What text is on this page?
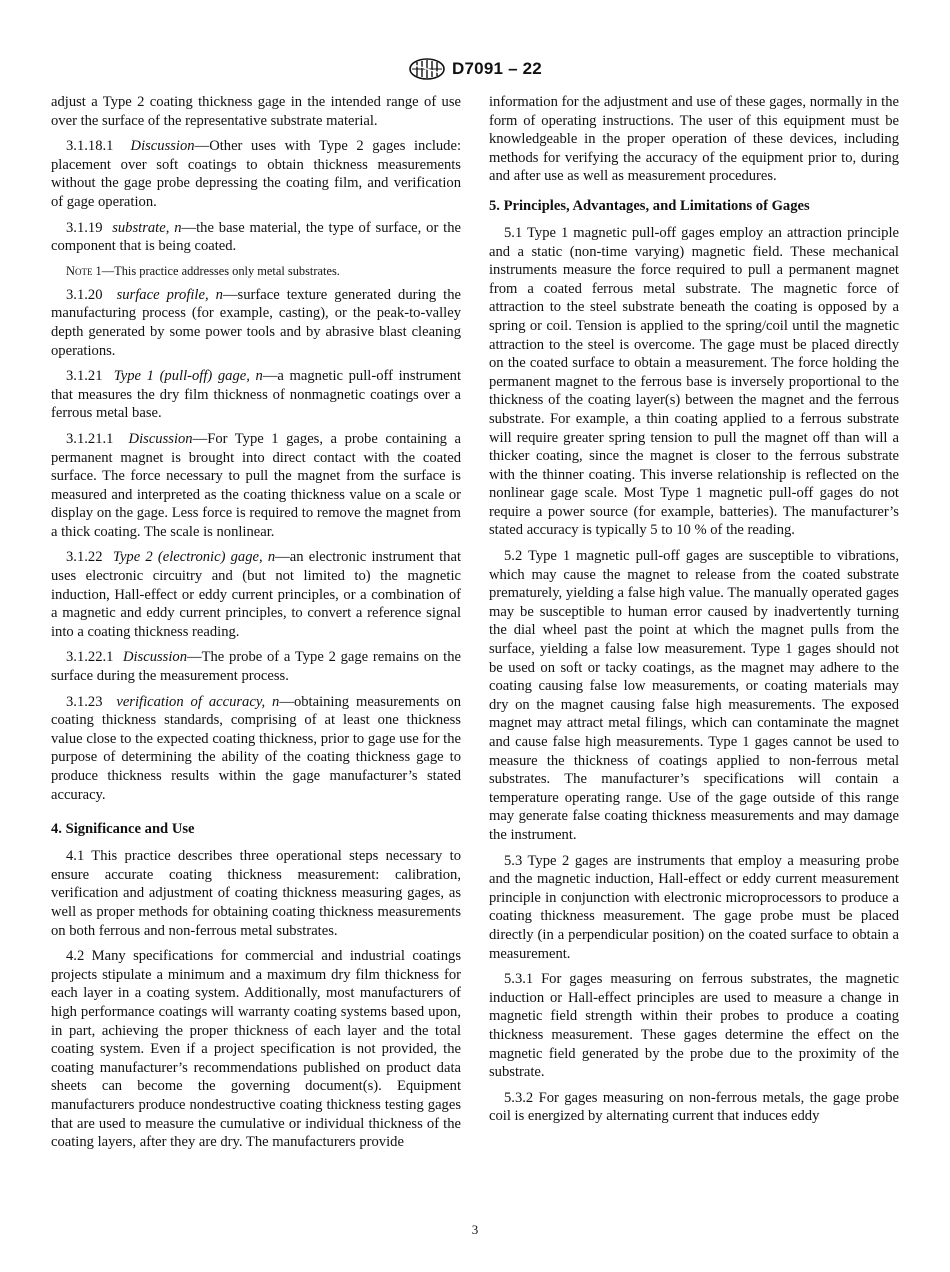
D7091 – 22

adjust a Type 2 coating thickness gage in the intended range of use over the surface of the representative substrate material.

3.1.18.1 Discussion—Other uses with Type 2 gages include: placement over soft coatings to obtain thickness measurements without the gage probe depressing the coating film, and verification of gage operation.

3.1.19 substrate, n—the base material, the type of surface, or the component that is being coated.

Note 1—This practice addresses only metal substrates.

3.1.20 surface profile, n—surface texture generated during the manufacturing process (for example, casting), or the peak-to-valley depth generated by some power tools and by abrasive blast cleaning operations.

3.1.21 Type 1 (pull-off) gage, n—a magnetic pull-off instrument that measures the dry film thickness of nonmagnetic coatings over a ferrous metal base.

3.1.21.1 Discussion—For Type 1 gages, a probe containing a permanent magnet is brought into direct contact with the coated surface. The force necessary to pull the magnet from the surface is measured and interpreted as the coating thickness value on a scale or display on the gage. Less force is required to remove the magnet from a thick coating. The scale is nonlinear.

3.1.22 Type 2 (electronic) gage, n—an electronic instrument that uses electronic circuitry and (but not limited to) the magnetic induction, Hall-effect or eddy current principles, or a combination of a magnetic and eddy current principles, to convert a reference signal into a coating thickness reading.

3.1.22.1 Discussion—The probe of a Type 2 gage remains on the surface during the measurement process.

3.1.23 verification of accuracy, n—obtaining measurements on coating thickness standards, comprising of at least one thickness value close to the expected coating thickness, prior to gage use for the purpose of determining the ability of the coating thickness gage to produce thickness results within the gage manufacturer’s stated accuracy.

4. Significance and Use

4.1 This practice describes three operational steps necessary to ensure accurate coating thickness measurement: calibration, verification and adjustment of coating thickness measuring gages, as well as proper methods for obtaining coating thickness measurements on both ferrous and non-ferrous metal substrates.

4.2 Many specifications for commercial and industrial coatings projects stipulate a minimum and a maximum dry film thickness for each layer in a coating system. Additionally, most manufacturers of high performance coatings will warranty coating systems based upon, in part, achieving the proper thickness of each layer and the total coating system. Even if a project specification is not provided, the coating manufacturer’s recommendations published on product data sheets can become the governing document(s). Equipment manufacturers produce nondestructive coating thickness testing gages that are used to measure the cumulative or individual thickness of the coating layers, after they are dry. The manufacturers provide

information for the adjustment and use of these gages, normally in the form of operating instructions. The user of this equipment must be knowledgeable in the proper operation of these devices, including methods for verifying the accuracy of the equipment prior to, during and after use as well as measurement procedures.

5. Principles, Advantages, and Limitations of Gages

5.1 Type 1 magnetic pull-off gages employ an attraction principle and a static (non-time varying) magnetic field. These mechanical instruments measure the force required to pull a permanent magnet from a coated ferrous metal substrate. The magnetic force of attraction to the steel substrate beneath the coating is opposed by a spring or coil. Tension is applied to the spring/coil until the magnetic attraction to the steel is overcome. The gage must be placed directly on the coated surface to obtain a measurement. The force holding the permanent magnet to the ferrous base is inversely proportional to the thickness of the coating layer(s) between the magnet and the ferrous substrate. For example, a thin coating applied to a ferrous substrate will require greater spring tension to pull the magnet off than will a thicker coating, since the magnet is closer to the ferrous substrate with the thinner coating. This inverse relationship is reflected on the nonlinear gage scale. Most Type 1 magnetic pull-off gages do not require a power source (for example, batteries). The manufacturer’s stated accuracy is typically 5 to 10 % of the reading.

5.2 Type 1 magnetic pull-off gages are susceptible to vibrations, which may cause the magnet to release from the coated substrate prematurely, yielding a false high value. The manually operated gages may be susceptible to human error caused by inadvertently turning the dial wheel past the point at which the magnet pulls from the surface, yielding a false low measurement. Type 1 gages should not be used on soft or tacky coatings, as the magnet may adhere to the coating causing false low measurements, or coating materials may dry on the magnet causing false high measurements. The exposed magnet may attract metal filings, which can contaminate the magnet and cause false high measurements. Type 1 gages cannot be used to measure the thickness of coatings applied to non-ferrous metal substrates. The manufacturer’s specifications will contain a temperature operating range. Use of the gage outside of this range may generate false coating thickness measurements and may damage the instrument.

5.3 Type 2 gages are instruments that employ a measuring probe and the magnetic induction, Hall-effect or eddy current measurement principle in conjunction with electronic microprocessors to produce a coating thickness measurement. The gage probe must be placed directly (in a perpendicular position) on the coated surface to obtain a measurement.

5.3.1 For gages measuring on ferrous substrates, the magnetic induction or Hall-effect principles are used to measure a change in magnetic field strength within their probes to produce a coating thickness measurement. These gages determine the effect on the magnetic field generated by the probe due to the proximity of the substrate.

5.3.2 For gages measuring on non-ferrous metals, the gage probe coil is energized by alternating current that induces eddy

3
